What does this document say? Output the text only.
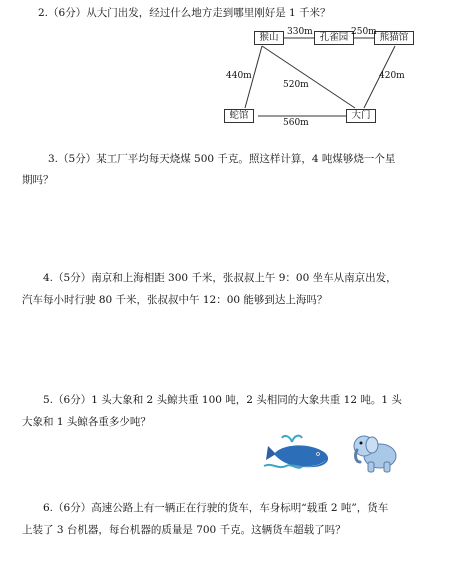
2.（6分）从大门出发，经过什么地方走到哪里刚好是 1 千米？
猴山	孔雀园	熊猫馆
蛇馆	大门
330m	250m
440m
520m
420m
560m
3.（5分）某工厂平均每天烧煤 500 千克。照这样计算，4 吨煤够烧一个星
期吗？
4.（5分）南京和上海相距 300 千米，张叔叔上午 9：00 坐车从南京出发，
汽车每小时行驶 80 千米，张叔叔中午 12：00 能够到达上海吗？
5.（6分）1 头大象和 2 头鲸共重 100 吨，2 头相同的大象共重 12 吨。1 头
大象和 1 头鲸各重多少吨？
6.（6分）高速公路上有一辆正在行驶的货车，车身标明“载重 2 吨”，货车
上装了 3 台机器，每台机器的质量是 700 千克。这辆货车超载了吗？
